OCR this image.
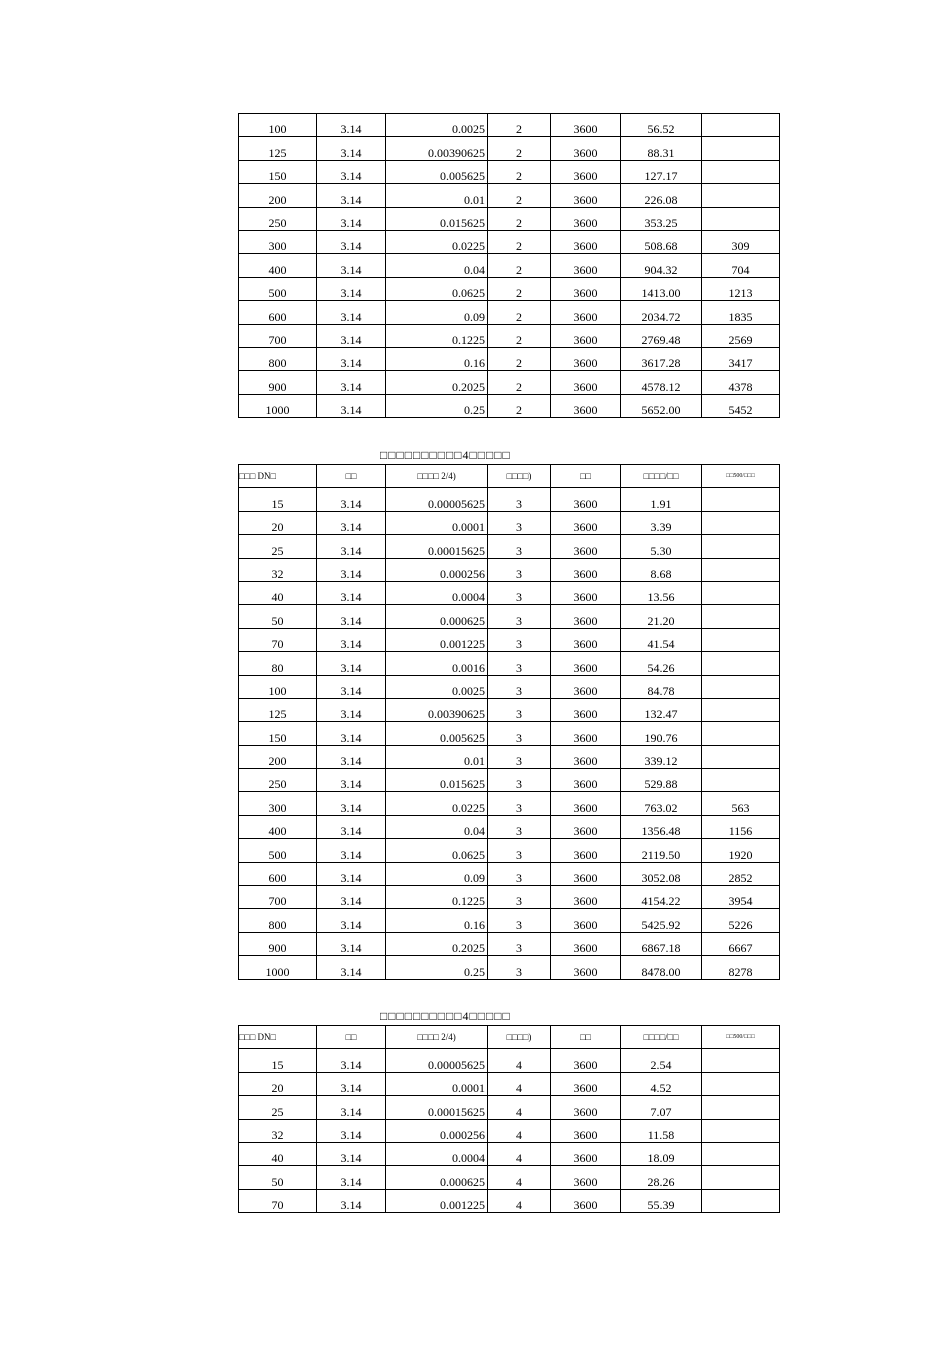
100	3.14	0.0025	2	3600	56.52	
125	3.14	0.00390625	2	3600	88.31	
150	3.14	0.005625	2	3600	127.17	
200	3.14	0.01	2	3600	226.08	
250	3.14	0.015625	2	3600	353.25	
300	3.14	0.0225	2	3600	508.68	309
400	3.14	0.04	2	3600	904.32	704
500	3.14	0.0625	2	3600	1413.00	1213
600	3.14	0.09	2	3600	2034.72	1835
700	3.14	0.1225	2	3600	2769.48	2569
800	3.14	0.16	2	3600	3617.28	3417
900	3.14	0.2025	2	3600	4578.12	4378
1000	3.14	0.25	2	3600	5652.00	5452
□□□□□□□□□□4□□□□□
□□□ DN□	□□	□□□□ 2/4)	□□□□)	□□	□□□□/□□	□□500/□□□
15	3.14	0.00005625	3	3600	1.91	
20	3.14	0.0001	3	3600	3.39	
25	3.14	0.00015625	3	3600	5.30	
32	3.14	0.000256	3	3600	8.68	
40	3.14	0.0004	3	3600	13.56	
50	3.14	0.000625	3	3600	21.20	
70	3.14	0.001225	3	3600	41.54	
80	3.14	0.0016	3	3600	54.26	
100	3.14	0.0025	3	3600	84.78	
125	3.14	0.00390625	3	3600	132.47	
150	3.14	0.005625	3	3600	190.76	
200	3.14	0.01	3	3600	339.12	
250	3.14	0.015625	3	3600	529.88	
300	3.14	0.0225	3	3600	763.02	563
400	3.14	0.04	3	3600	1356.48	1156
500	3.14	0.0625	3	3600	2119.50	1920
600	3.14	0.09	3	3600	3052.08	2852
700	3.14	0.1225	3	3600	4154.22	3954
800	3.14	0.16	3	3600	5425.92	5226
900	3.14	0.2025	3	3600	6867.18	6667
1000	3.14	0.25	3	3600	8478.00	8278
□□□□□□□□□□4□□□□□
□□□ DN□	□□	□□□□ 2/4)	□□□□)	□□	□□□□/□□	□□500/□□□
15	3.14	0.00005625	4	3600	2.54	
20	3.14	0.0001	4	3600	4.52	
25	3.14	0.00015625	4	3600	7.07	
32	3.14	0.000256	4	3600	11.58	
40	3.14	0.0004	4	3600	18.09	
50	3.14	0.000625	4	3600	28.26	
70	3.14	0.001225	4	3600	55.39	
